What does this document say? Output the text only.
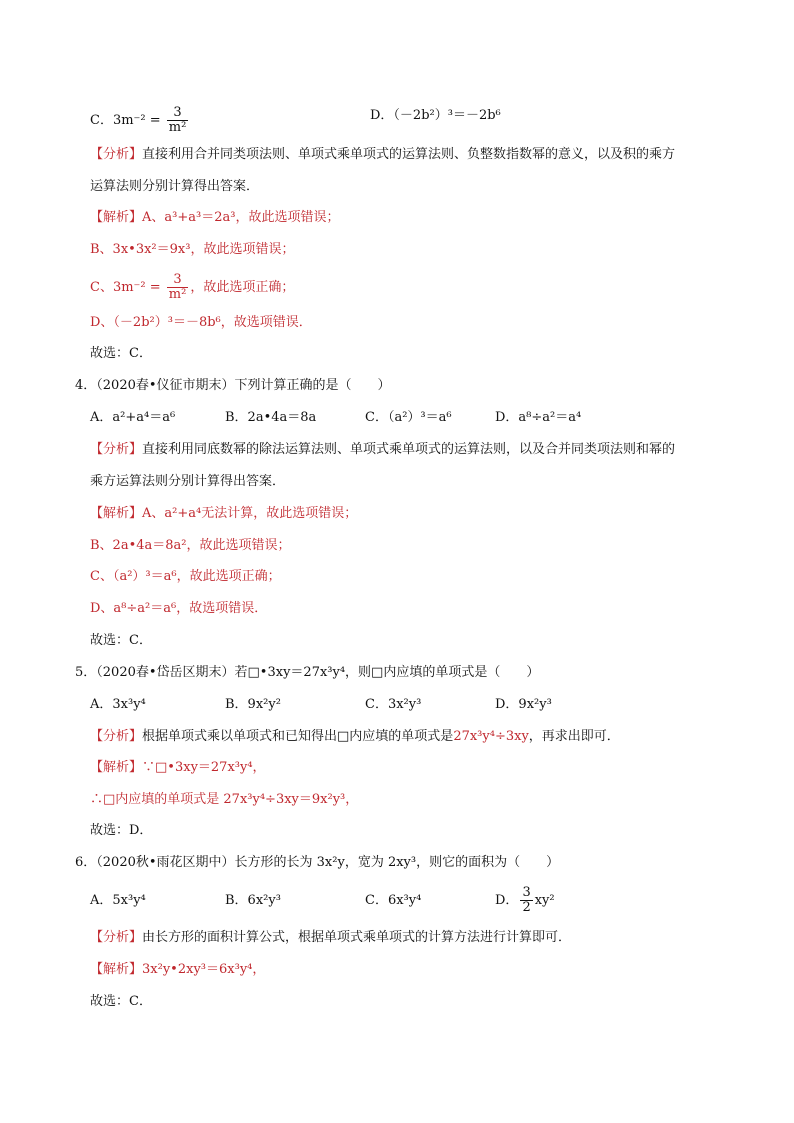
C．$3m^{-2} = \frac{3}{\text{m²}}$	D．（－2b²）³＝－2b⁶
【分析】直接利用合并同类项法则、单项式乘单项式的运算法则、负整数指数幂的意义，以及积的乘方
运算法则分别计算得出答案．
【解析】A、a³+a³＝2a³，故此选项错误；
B、3x•3x²＝9x³，故此选项错误；
C、$3m^{-2} = \frac{3}{\text{m²}}$ ，故此选项正确；
D、（－2b²）³＝－8b⁶，故选项错误．
故选：C．
4．（2020春•仪征市期末）下列计算正确的是（　　）
A．a²+a⁴＝a⁶	B．2a•4a＝8a	C．（a²）³＝a⁶	D．a⁸÷a²＝a⁴
【分析】直接利用同底数幂的除法运算法则、单项式乘单项式的运算法则，以及合并同类项法则和幂的
乘方运算法则分别计算得出答案．
【解析】A、a²+a⁴无法计算，故此选项错误；
B、2a•4a＝8a²，故此选项错误；
C、（a²）³＝a⁶，故此选项正确；
D、a⁸÷a²＝a⁶，故选项错误．
故选：C．
5．（2020春•岱岳区期末）若□•3xy＝27x³y⁴，则□内应填的单项式是（　　）
A．3x³y⁴	B．9x²y²	C．3x²y³	D．9x²y³
【分析】根据单项式乘以单项式和已知得出□内应填的单项式是27x³y⁴÷3xy，再求出即可．
【解析】∵□•3xy＝27x³y⁴，
∴□内应填的单项式是 27x³y⁴÷3xy＝9x²y³，
故选：D．
6．（2020秋•雨花区期中）长方形的长为 3x²y，宽为 2xy³，则它的面积为（　　）
A．5x³y⁴	B．6x²y³	C．6x³y⁴	D． $\frac{3}{2} xy^2$
【分析】由长方形的面积计算公式，根据单项式乘单项式的计算方法进行计算即可．
【解析】3x²y•2xy³＝6x³y⁴，
故选：C．
